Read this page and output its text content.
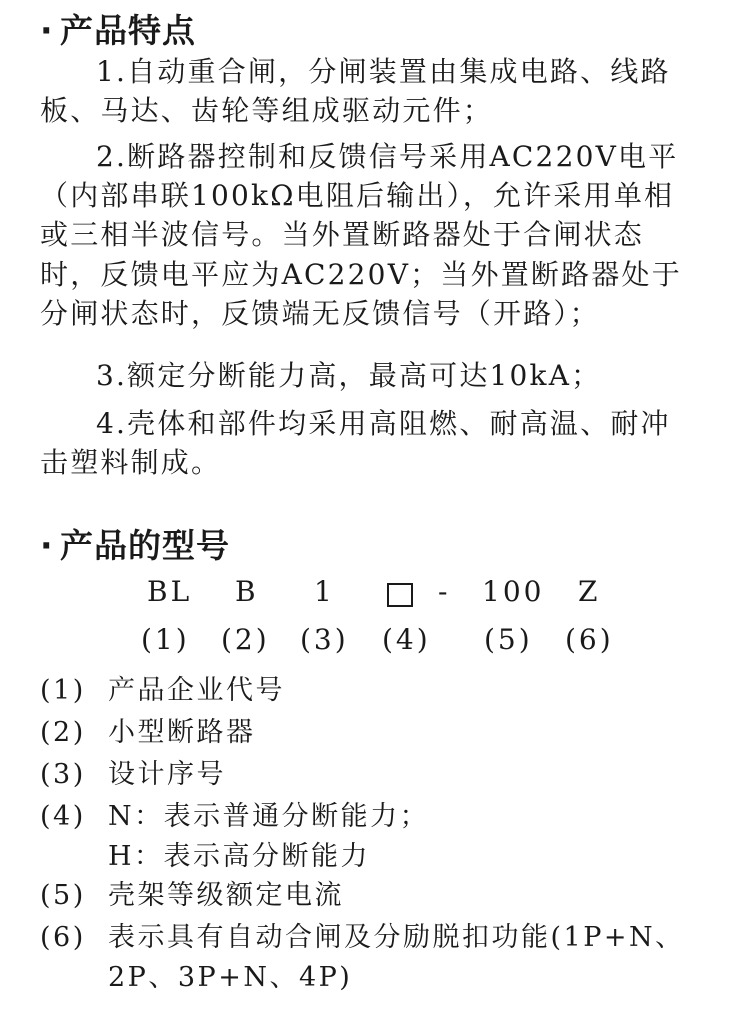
· 产品特点
1.自动重合闸，分闸装置由集成电路、线路板、马达、齿轮等组成驱动元件；
2.断路器控制和反馈信号采用AC220V电平（内部串联100kΩ电阻后输出），允许采用单相或三相半波信号。当外置断路器处于合闸状态时，反馈电平应为AC220V；当外置断路器处于分闸状态时，反馈端无反馈信号（开路）；
3.额定分断能力高，最高可达10kA；
4.壳体和部件均采用高阻燃、耐高温、耐冲击塑料制成。
· 产品的型号
BL B 1	- 100 Z
(1) (2) (3) (4) (5) (6)
(1) 产品企业代号
(2) 小型断路器
(3) 设计序号
(4) N：表示普通分断能力；
H：表示高分断能力
(5) 壳架等级额定电流
(6) 表示具有自动合闸及分励脱扣功能(1P+N、
2P、3P+N、4P)
